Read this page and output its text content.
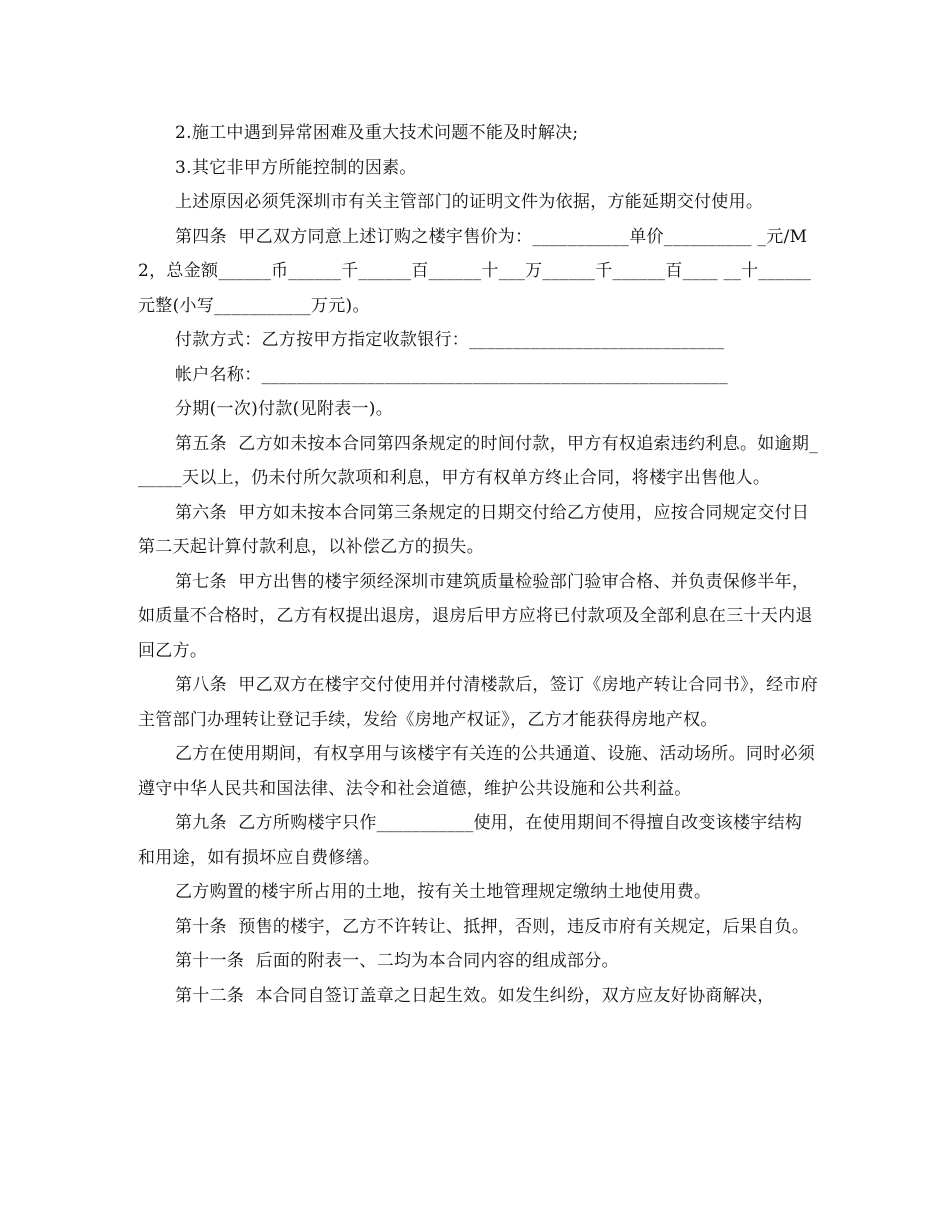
2.施工中遇到异常困难及重大技术问题不能及时解决;

3.其它非甲方所能控制的因素。

上述原因必须凭深圳市有关主管部门的证明文件为依据，方能延期交付使用。

第四条  甲乙双方同意上述订购之楼宇售价为：___________单价__________ _元/M2，总金额______币______千______百______十___万______千______百____ __十______元整(小写___________万元)。

付款方式：乙方按甲方指定收款银行：_____________________________

帐户名称：_____________________________________________________

分期(一次)付款(见附表一)。

第五条  乙方如未按本合同第四条规定的时间付款，甲方有权追索违约利息。如逾期______天以上，仍未付所欠款项和利息，甲方有权单方终止合同，将楼宇出售他人。

第六条  甲方如未按本合同第三条规定的日期交付给乙方使用，应按合同规定交付日第二天起计算付款利息，以补偿乙方的损失。

第七条  甲方出售的楼宇须经深圳市建筑质量检验部门验审合格、并负责保修半年，如质量不合格时，乙方有权提出退房，退房后甲方应将已付款项及全部利息在三十天内退回乙方。

第八条  甲乙双方在楼宇交付使用并付清楼款后，签订《房地产转让合同书》，经市府主管部门办理转让登记手续，发给《房地产权证》，乙方才能获得房地产权。

乙方在使用期间，有权享用与该楼宇有关连的公共通道、设施、活动场所。同时必须遵守中华人民共和国法律、法令和社会道德，维护公共设施和公共利益。

第九条  乙方所购楼宇只作___________使用，在使用期间不得擅自改变该楼宇结构和用途，如有损坏应自费修缮。

乙方购置的楼宇所占用的土地，按有关土地管理规定缴纳土地使用费。

第十条  预售的楼宇，乙方不许转让、抵押，否则，违反市府有关规定，后果自负。

第十一条  后面的附表一、二均为本合同内容的组成部分。

第十二条  本合同自签订盖章之日起生效。如发生纠纷，双方应友好协商解决，
